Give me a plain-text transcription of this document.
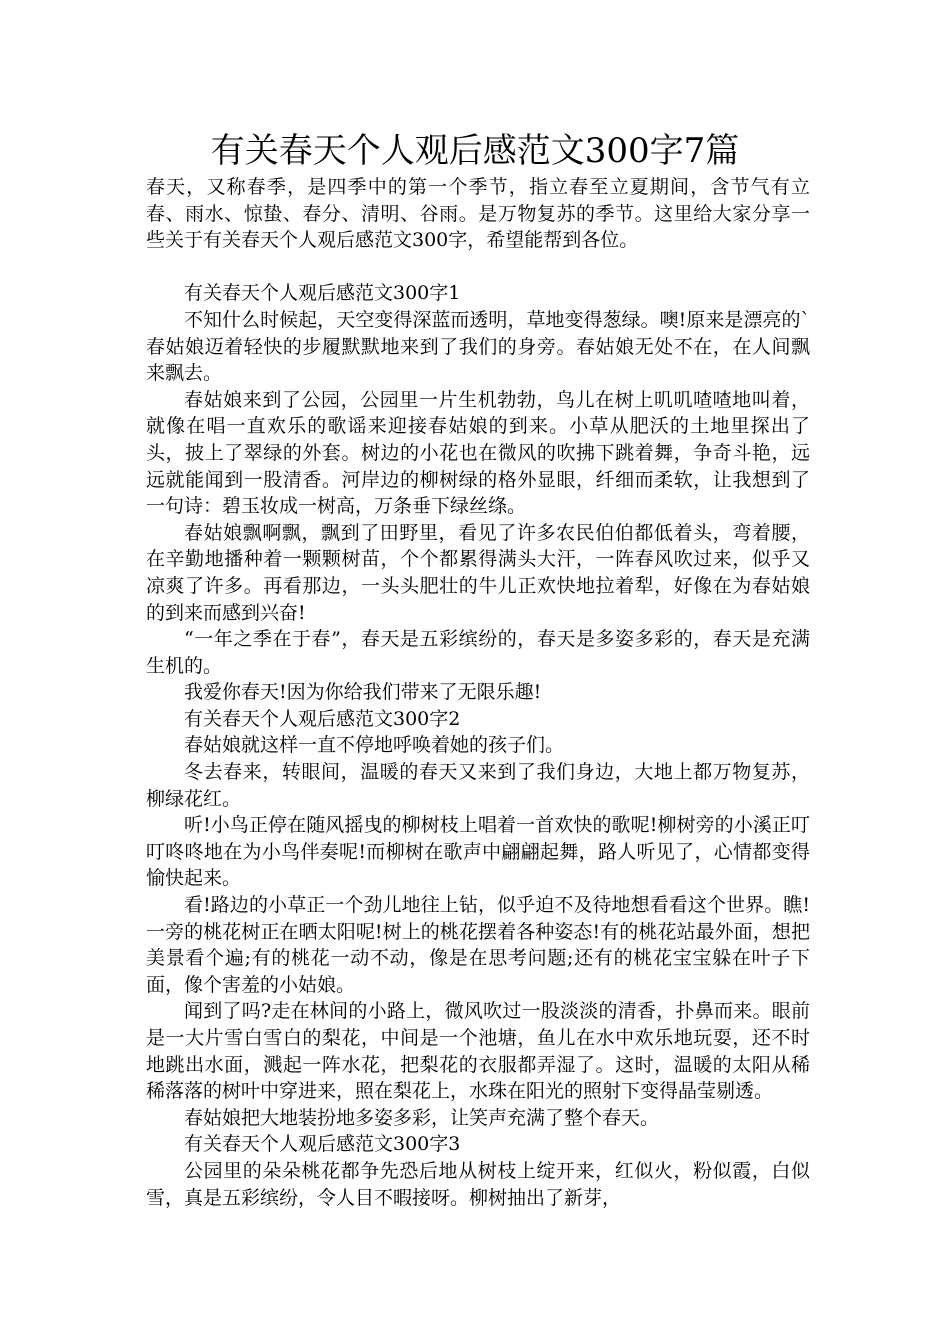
有关春天个人观后感范文300字7篇

春天，又称春季，是四季中的第一个季节，指立春至立夏期间，含节气有立春、雨水、惊蛰、春分、清明、谷雨。是万物复苏的季节。这里给大家分享一些关于有关春天个人观后感范文300字，希望能帮到各位。

有关春天个人观后感范文300字1

不知什么时候起，天空变得深蓝而透明，草地变得葱绿。噢!原来是漂亮的`春姑娘迈着轻快的步履默默地来到了我们的身旁。春姑娘无处不在，在人间飘来飘去。

春姑娘来到了公园，公园里一片生机勃勃，鸟儿在树上叽叽喳喳地叫着，就像在唱一直欢乐的歌谣来迎接春姑娘的到来。小草从肥沃的土地里探出了头，披上了翠绿的外套。树边的小花也在微风的吹拂下跳着舞，争奇斗艳，远远就能闻到一股清香。河岸边的柳树绿的格外显眼，纤细而柔软，让我想到了一句诗：碧玉妆成一树高，万条垂下绿丝绦。

春姑娘飘啊飘，飘到了田野里，看见了许多农民伯伯都低着头，弯着腰，在辛勤地播种着一颗颗树苗，个个都累得满头大汗，一阵春风吹过来，似乎又凉爽了许多。再看那边，一头头肥壮的牛儿正欢快地拉着犁，好像在为春姑娘的到来而感到兴奋!

“一年之季在于春”，春天是五彩缤纷的，春天是多姿多彩的，春天是充满生机的。

我爱你春天!因为你给我们带来了无限乐趣!

有关春天个人观后感范文300字2

春姑娘就这样一直不停地呼唤着她的孩子们。

冬去春来，转眼间，温暖的春天又来到了我们身边，大地上都万物复苏，柳绿花红。

听!小鸟正停在随风摇曳的柳树枝上唱着一首欢快的歌呢!柳树旁的小溪正叮叮咚咚地在为小鸟伴奏呢!而柳树在歌声中翩翩起舞，路人听见了，心情都变得愉快起来。

看!路边的小草正一个劲儿地往上钻，似乎迫不及待地想看看这个世界。瞧!一旁的桃花树正在晒太阳呢!树上的桃花摆着各种姿态!有的桃花站最外面，想把美景看个遍;有的桃花一动不动，像是在思考问题;还有的桃花宝宝躲在叶子下面，像个害羞的小姑娘。

闻到了吗?走在林间的小路上，微风吹过一股淡淡的清香，扑鼻而来。眼前是一大片雪白雪白的梨花，中间是一个池塘，鱼儿在水中欢乐地玩耍，还不时地跳出水面，溅起一阵水花，把梨花的衣服都弄湿了。这时，温暖的太阳从稀稀落落的树叶中穿进来，照在梨花上，水珠在阳光的照射下变得晶莹剔透。

春姑娘把大地装扮地多姿多彩，让笑声充满了整个春天。

有关春天个人观后感范文300字3

公园里的朵朵桃花都争先恐后地从树枝上绽开来，红似火，粉似霞，白似雪，真是五彩缤纷，令人目不暇接呀。柳树抽出了新芽，
